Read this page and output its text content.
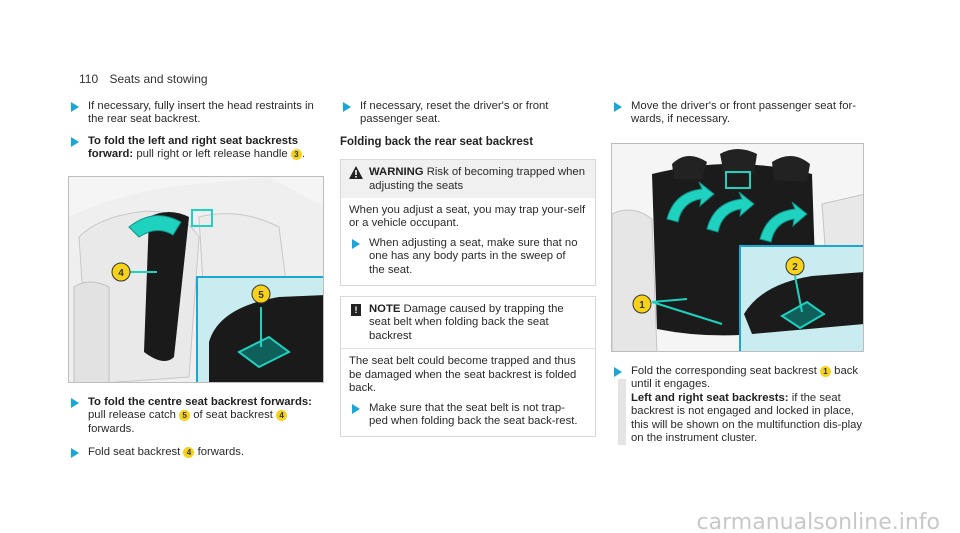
110 Seats and stowing
If necessary, fully insert the head restraints in the rear seat backrest.
To fold the left and right seat backrests forward: pull right or left release handle 3 .
4
5
To fold the centre seat backrest forwards: pull release catch 5 of seat backrest 4 forwards.
Fold seat backrest 4 forwards.
If necessary, reset the driver's or front passenger seat.
Folding back the rear seat backrest
WARNING Risk of becoming trapped when adjusting the seats
When you adjust a seat, you may trap your-self or a vehicle occupant.
When adjusting a seat, make sure that no one has any body parts in the sweep of the seat.
!	NOTE Damage caused by trapping the seat belt when folding back the seat backrest
The seat belt could become trapped and thus be damaged when the seat backrest is folded back.
Make sure that the seat belt is not trap-ped when folding back the seat back-rest.
Move the driver's or front passenger seat for-wards, if necessary.
2
1
Fold the corresponding seat backrest 1 back until it engages.
Left and right seat backrests: if the seat backrest is not engaged and locked in place, this will be shown on the multifunction dis-play on the instrument cluster.
carmanualsonline.info
